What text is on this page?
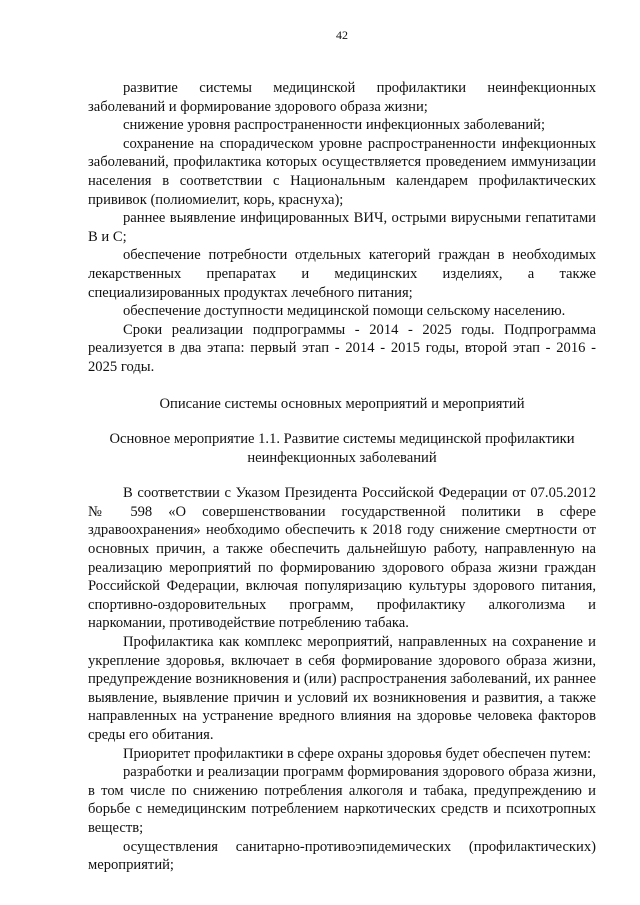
42

развитие системы медицинской профилактики неинфекционных заболеваний и формирование здорового образа жизни;

снижение уровня распространенности инфекционных заболеваний;

сохранение на спорадическом уровне распространенности инфекционных заболеваний, профилактика которых осуществляется проведением иммунизации населения в соответствии с Национальным календарем профилактических прививок (полиомиелит, корь, краснуха);

раннее выявление инфицированных ВИЧ, острыми вирусными гепатитами В и С;

обеспечение потребности отдельных категорий граждан в необходимых лекарственных препаратах и медицинских изделиях, а также специализированных продуктах лечебного питания;

обеспечение доступности медицинской помощи сельскому населению.

Сроки реализации подпрограммы - 2014 - 2025 годы. Подпрограмма реализуется в два этапа: первый этап - 2014 - 2015 годы, второй этап - 2016 - 2025 годы.

Описание системы основных мероприятий и мероприятий

Основное мероприятие 1.1. Развитие системы медицинской профилактики неинфекционных заболеваний

В соответствии с Указом Президента Российской Федерации от 07.05.2012 № 598 «О совершенствовании государственной политики в сфере здравоохранения» необходимо обеспечить к 2018 году снижение смертности от основных причин, а также обеспечить дальнейшую работу, направленную на реализацию мероприятий по формированию здорового образа жизни граждан Российской Федерации, включая популяризацию культуры здорового питания, спортивно-оздоровительных программ, профилактику алкоголизма и наркомании, противодействие потреблению табака.

Профилактика как комплекс мероприятий, направленных на сохранение и укрепление здоровья, включает в себя формирование здорового образа жизни, предупреждение возникновения и (или) распространения заболеваний, их раннее выявление, выявление причин и условий их возникновения и развития, а также направленных на устранение вредного влияния на здоровье человека факторов среды его обитания.

Приоритет профилактики в сфере охраны здоровья будет обеспечен путем:

разработки и реализации программ формирования здорового образа жизни, в том числе по снижению потребления алкоголя и табака, предупреждению и борьбе с немедицинским потреблением наркотических средств и психотропных веществ;

осуществления санитарно-противоэпидемических (профилактических) мероприятий;
